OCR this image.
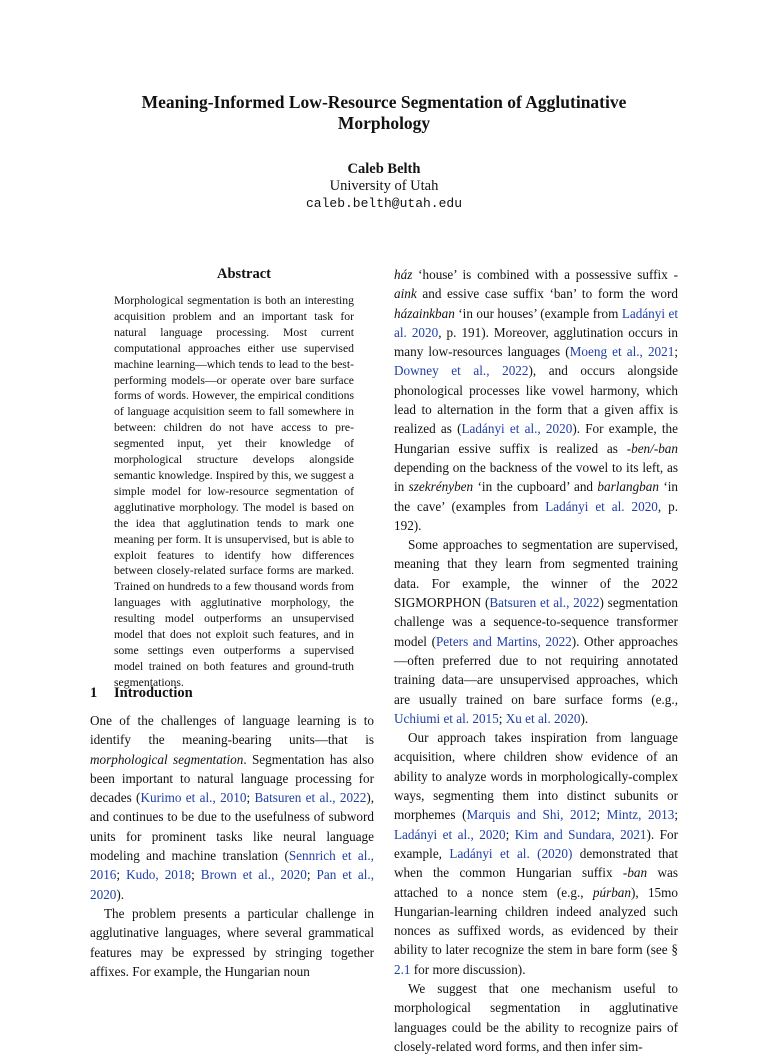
Meaning-Informed Low-Resource Segmentation of Agglutinative Morphology
Caleb Belth
University of Utah
caleb.belth@utah.edu
Abstract
Morphological segmentation is both an interesting acquisition problem and an important task for natural language processing. Most current computational approaches either use supervised machine learning—which tends to lead to the best-performing models—or operate over bare surface forms of words. However, the empirical conditions of language acquisition seem to fall somewhere in between: children do not have access to pre-segmented input, yet their knowledge of morphological structure develops alongside semantic knowledge. Inspired by this, we suggest a simple model for low-resource segmentation of agglutinative morphology. The model is based on the idea that agglutination tends to mark one meaning per form. It is unsupervised, but is able to exploit features to identify how differences between closely-related surface forms are marked. Trained on hundreds to a few thousand words from languages with agglutinative morphology, the resulting model outperforms an unsupervised model that does not exploit such features, and in some settings even outperforms a supervised model trained on both features and ground-truth segmentations.
1 Introduction

One of the challenges of language learning is to identify the meaning-bearing units—that is morphological segmentation. Segmentation has also been important to natural language processing for decades (Kurimo et al., 2010; Batsuren et al., 2022), and continues to be due to the usefulness of subword units for prominent tasks like neural language modeling and machine translation (Sennrich et al., 2016; Kudo, 2018; Brown et al., 2020; Pan et al., 2020).

The problem presents a particular challenge in agglutinative languages, where several grammatical features may be expressed by stringing together affixes. For example, the Hungarian noun

ház ‘house’ is combined with a possessive suffix -aink and essive case suffix ‘ban’ to form the word házainkban ‘in our houses’ (example from Ladányi et al. 2020, p. 191). Moreover, agglutination occurs in many low-resources languages (Moeng et al., 2021; Downey et al., 2022), and occurs alongside phonological processes like vowel harmony, which lead to alternation in the form that a given affix is realized as (Ladányi et al., 2020). For example, the Hungarian essive suffix is realized as -ben/-ban depending on the backness of the vowel to its left, as in szekrényben ‘in the cupboard’ and barlangban ‘in the cave’ (examples from Ladányi et al. 2020, p. 192).

Some approaches to segmentation are supervised, meaning that they learn from segmented training data. For example, the winner of the 2022 SIGMORPHON (Batsuren et al., 2022) segmentation challenge was a sequence-to-sequence transformer model (Peters and Martins, 2022). Other approaches—often preferred due to not requiring annotated training data—are unsupervised approaches, which are usually trained on bare surface forms (e.g., Uchiumi et al. 2015; Xu et al. 2020).

Our approach takes inspiration from language acquisition, where children show evidence of an ability to analyze words in morphologically-complex ways, segmenting them into distinct subunits or morphemes (Marquis and Shi, 2012; Mintz, 2013; Ladányi et al., 2020; Kim and Sundara, 2021). For example, Ladányi et al. (2020) demonstrated that when the common Hungarian suffix -ban was attached to a nonce stem (e.g., púrban), 15mo Hungarian-learning children indeed analyzed such nonces as suffixed words, as evidenced by their ability to later recognize the stem in bare form (see § 2.1 for more discussion).

We suggest that one mechanism useful to morphological segmentation in agglutinative languages could be the ability to recognize pairs of closely-related word forms, and then infer sim-
